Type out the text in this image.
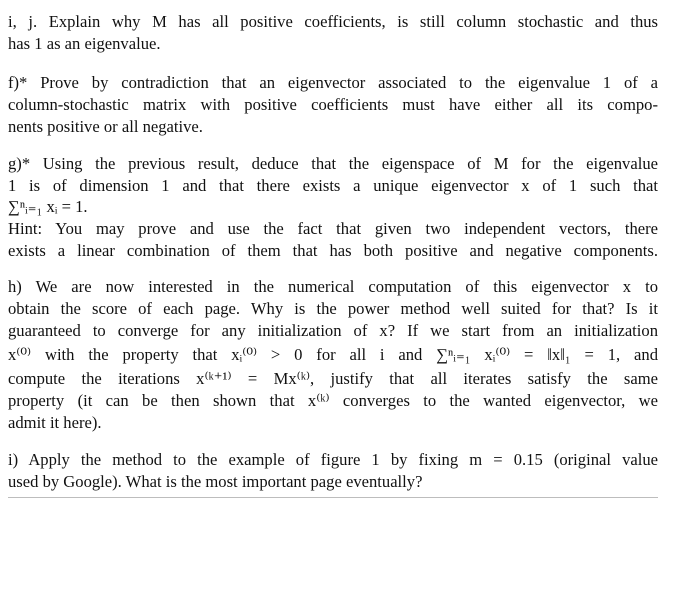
i, j. Explain why M has all positive coefficients, is still column stochastic and thus
has 1 as an eigenvalue.
f)* Prove by contradiction that an eigenvector associated to the eigenvalue 1 of a
column-stochastic matrix with positive coefficients must have either all its compo-
nents positive or all negative.
g)* Using the previous result, deduce that the eigenspace of M for the eigenvalue
1 is of dimension 1 and that there exists a unique eigenvector x of 1 such that
∑ⁿᵢ₌₁ xᵢ = 1.
Hint: You may prove and use the fact that given two independent vectors, there
exists a linear combination of them that has both positive and negative components.
h) We are now interested in the numerical computation of this eigenvector x to
obtain the score of each page. Why is the power method well suited for that? Is it
guaranteed to converge for any initialization of x? If we start from an initialization
x⁽⁰⁾ with the property that xᵢ⁽⁰⁾ > 0 for all i and ∑ⁿᵢ₌₁ xᵢ⁽⁰⁾ = ‖x‖₁ = 1, and
compute the iterations x⁽ᵏ⁺¹⁾ = Mx⁽ᵏ⁾, justify that all iterates satisfy the same
property (it can be then shown that x⁽ᵏ⁾ converges to the wanted eigenvector, we
admit it here).
i) Apply the method to the example of figure 1 by fixing m = 0.15 (original value
used by Google). What is the most important page eventually?
